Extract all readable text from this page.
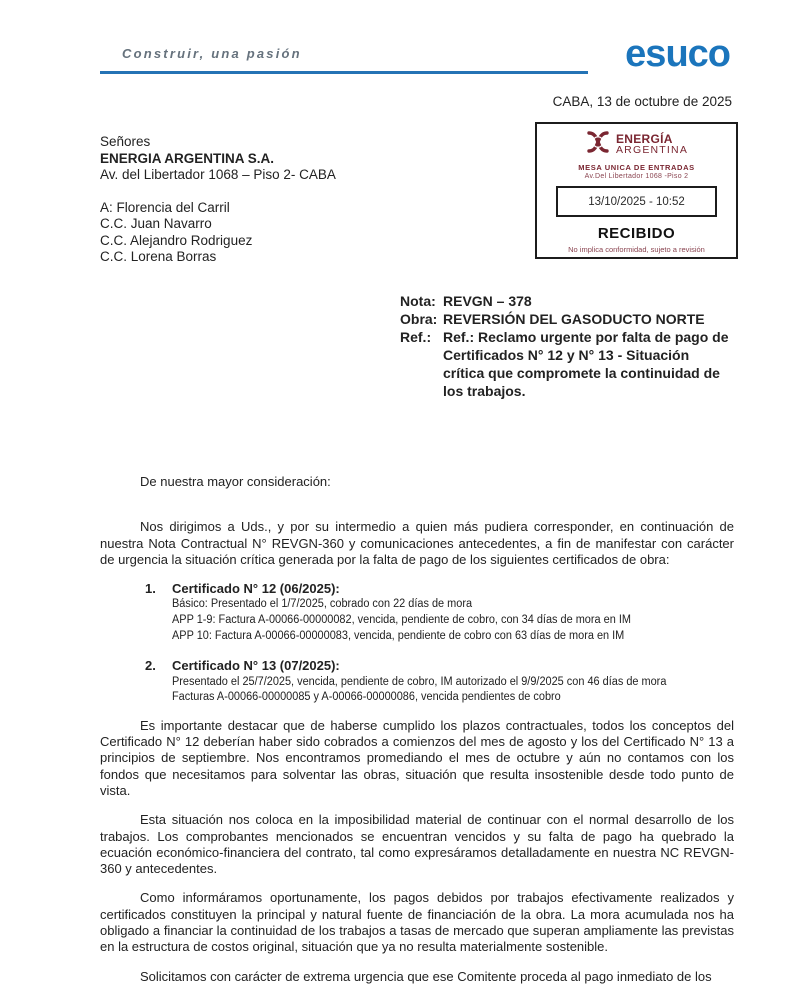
Construir, una pasión	esuco
CABA, 13 de octubre de 2025
Señores
ENERGIA ARGENTINA S.A.
Av. del Libertador 1068 – Piso 2- CABA
A: Florencia del Carril
C.C. Juan Navarro
C.C. Alejandro Rodriguez
C.C. Lorena Borras
ENERGÍA
ARGENTINA
MESA UNICA DE ENTRADAS
Av.Del Libertador 1068 -Piso 2
13/10/2025 - 10:52
RECIBIDO
No implica conformidad, sujeto a revisión
Nota: REVGN – 378
Obra: REVERSIÓN DEL GASODUCTO NORTE
Ref.: Ref.: Reclamo urgente por falta de pago de Certificados N° 12 y N° 13 - Situación crítica que compromete la continuidad de los trabajos.
De nuestra mayor consideración:

Nos dirigimos a Uds., y por su intermedio a quien más pudiera corresponder, en continuación de nuestra Nota Contractual N° REVGN-360 y comunicaciones antecedentes, a fin de manifestar con carácter de urgencia la situación crítica generada por la falta de pago de los siguientes certificados de obra:

1. Certificado N° 12 (06/2025):
Básico: Presentado el 1/7/2025, cobrado con 22 días de mora
APP 1-9: Factura A-00066-00000082, vencida, pendiente de cobro, con 34 días de mora en IM
APP 10: Factura A-00066-00000083, vencida, pendiente de cobro con 63 días de mora en IM
2. Certificado N° 13 (07/2025):
Presentado el 25/7/2025, vencida, pendiente de cobro, IM autorizado el 9/9/2025 con 46 días de mora
Facturas A-00066-00000085 y A-00066-00000086, vencida pendientes de cobro

Es importante destacar que de haberse cumplido los plazos contractuales, todos los conceptos del Certificado N° 12 deberían haber sido cobrados a comienzos del mes de agosto y los del Certificado N° 13 a principios de septiembre. Nos encontramos promediando el mes de octubre y aún no contamos con los fondos que necesitamos para solventar las obras, situación que resulta insostenible desde todo punto de vista.

Esta situación nos coloca en la imposibilidad material de continuar con el normal desarrollo de los trabajos. Los comprobantes mencionados se encuentran vencidos y su falta de pago ha quebrado la ecuación económico-financiera del contrato, tal como expresáramos detalladamente en nuestra NC REVGN-360 y antecedentes.

Como informáramos oportunamente, los pagos debidos por trabajos efectivamente realizados y certificados constituyen la principal y natural fuente de financiación de la obra. La mora acumulada nos ha obligado a financiar la continuidad de los trabajos a tasas de mercado que superan ampliamente las previstas en la estructura de costos original, situación que ya no resulta materialmente sostenible.

Solicitamos con carácter de extrema urgencia que ese Comitente proceda al pago inmediato de los
